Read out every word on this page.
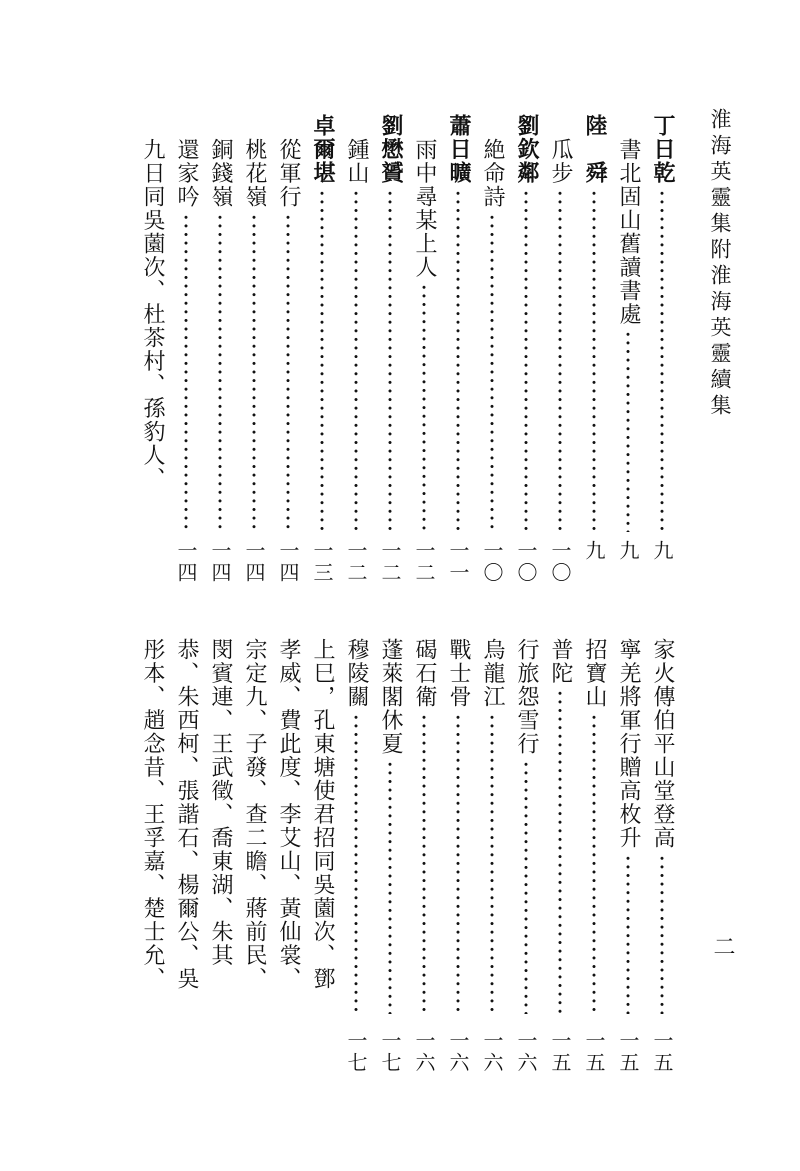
淮海英靈集附淮海英靈續集
二
九
丁日乾
九
書北固山舊讀書處
九
陸　舜
一〇
瓜步
一〇
劉欽鄰
一〇
絶命詩
一一
蕭日曠
一二
雨中尋某上人
一二
劉懋贇
一二
鍾山
一三
卓爾堪
一四
從軍行
一四
桃花嶺
一四
銅錢嶺
一四
還家吟
九日同吳薗次、杜茶村、孫豹人、
一五
家火傳伯平山堂登高
一五
寧羌將軍行贈高枚升
一五
招寶山
一五
普陀
一六
行旅怨雪行
一六
烏龍江
一六
戰士骨
一六
碣石衛
一七
蓬萊閣休夏
一七
穆陵關
上巳，孔東塘使君招同吳薗次、鄧
孝威、費此度、李艾山、黃仙裳、
宗定九、子發、查二瞻、蔣前民、
閔賓連、王武徵、喬東湖、朱其
恭、朱西柯、張諧石、楊爾公、吳
彤本、趙念昔、王孚嘉、楚士允、
